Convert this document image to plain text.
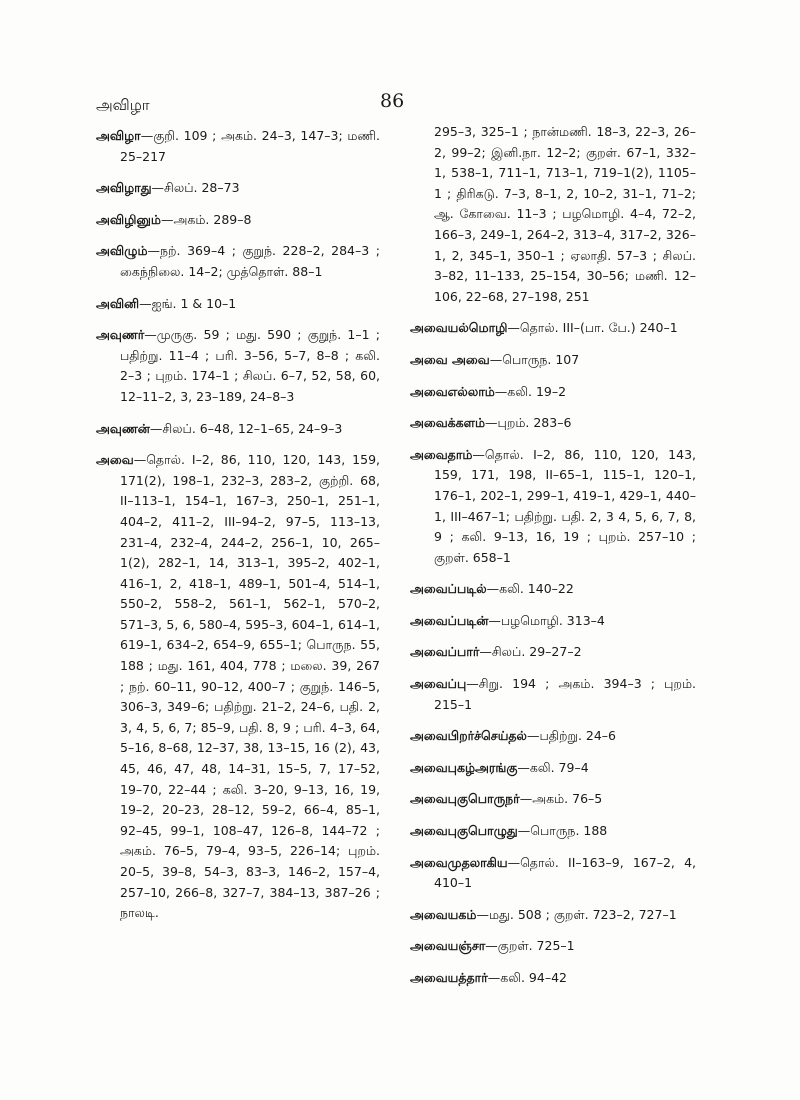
அவிழா	86

அவிழா—குறி. 109 ; அகம். 24–3, 147–3; மணி. 25–217

அவிழாது—சிலப். 28–73

அவிழினும்—அகம். 289–8

அவிழும்—நற். 369–4 ; குறுந். 228–2, 284–3 ; கைந்நிலை. 14–2; முத்தொள். 88–1

அவினி—ஐங். 1 & 10–1

அவுணர்—முருகு. 59 ; மது. 590 ; குறுந். 1–1 ; பதிற்று. 11–4 ; பரி. 3–56, 5–7, 8–8 ; கலி. 2–3 ; புறம். 174–1 ; சிலப். 6–7, 52, 58, 60, 12–11–2, 3, 23–189, 24–8–3

அவுணன்—சிலப். 6–48, 12–1–65, 24–9–3

அவை—தொல். I–2, 86, 110, 120, 143, 159, 171(2), 198–1, 232–3, 283–2, குற்றி. 68, II–113–1, 154–1, 167–3, 250–1, 251–1, 404–2, 411–2, III–94–2, 97–5, 113–13, 231–4, 232–4, 244–2, 256–1, 10, 265–1(2), 282–1, 14, 313–1, 395–2, 402–1, 416–1, 2, 418–1, 489–1, 501–4, 514–1, 550–2, 558–2, 561–1, 562–1, 570–2, 571–3, 5, 6, 580–4, 595–3, 604–1, 614–1, 619–1, 634–2, 654–9, 655–1; பொருந. 55, 188 ; மது. 161, 404, 778 ; மலை. 39, 267 ; நற். 60–11, 90–12, 400–7 ; குறுந். 146–5, 306–3, 349–6; பதிற்று. 21–2, 24–6, பதி. 2, 3, 4, 5, 6, 7; 85–9, பதி. 8, 9 ; பரி. 4–3, 64, 5–16, 8–68, 12–37, 38, 13–15, 16 (2), 43, 45, 46, 47, 48, 14–31, 15–5, 7, 17–52, 19–70, 22–44 ; கலி. 3–20, 9–13, 16, 19, 19–2, 20–23, 28–12, 59–2, 66–4, 85–1, 92–45, 99–1, 108–47, 126–8, 144–72 ; அகம். 76–5, 79–4, 93–5, 226–14; புறம். 20–5, 39–8, 54–3, 83–3, 146–2, 157–4, 257–10, 266–8, 327–7, 384–13, 387–26 ; நாலடி.

295–3, 325–1 ; நான்மணி. 18–3, 22–3, 26–2, 99–2; இனி.நா. 12–2; குறள். 67–1, 332–1, 538–1, 711–1, 713–1, 719–1(2), 1105–1 ; திரிகடு. 7–3, 8–1, 2, 10–2, 31–1, 71–2; ஆ. கோவை. 11–3 ; பழமொழி. 4–4, 72–2, 166–3, 249–1, 264–2, 313–4, 317–2, 326–1, 2, 345–1, 350–1 ; ஏலாதி. 57–3 ; சிலப். 3–82, 11–133, 25–154, 30–56; மணி. 12–106, 22–68, 27–198, 251

அவையல்மொழி—தொல். III–(பா. பே.) 240–1

அவை அவை—பொருந. 107

அவைஎல்லாம்—கலி. 19–2

அவைக்களம்—புறம். 283–6

அவைதாம்—தொல். I–2, 86, 110, 120, 143, 159, 171, 198, II–65–1, 115–1, 120–1, 176–1, 202–1, 299–1, 419–1, 429–1, 440–1, III–467–1; பதிற்று. பதி. 2, 3 4, 5, 6, 7, 8, 9 ; கலி. 9–13, 16, 19 ; புறம். 257–10 ; குறள். 658–1

அவைப்படில்—கலி. 140–22

அவைப்படின்—பழமொழி. 313–4

அவைப்பார்—சிலப். 29–27–2

அவைப்பு—சிறு. 194 ; அகம். 394–3 ; புறம். 215–1

அவைபிறர்ச்செய்தல்—பதிற்று. 24–6

அவைபுகழ்அரங்கு—கலி. 79–4

அவைபுகுபொருநர்—அகம். 76–5

அவைபுகுபொழுது—பொருந. 188

அவைமுதலாகிய—தொல். II–163–9, 167–2, 4, 410–1

அவையகம்—மது. 508 ; குறள். 723–2, 727–1

அவையஞ்சா—குறள். 725–1

அவையத்தார்—கலி. 94–42
